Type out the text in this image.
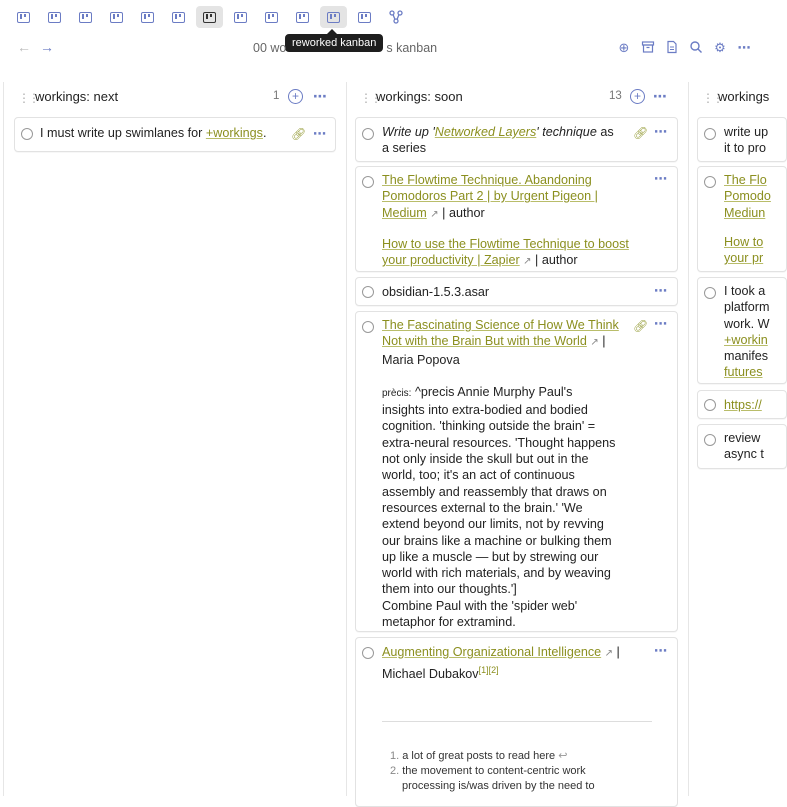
reworked kanban
← →	00 wo	s kanban	⊕	⚙ ⋯
⋮⋮
workings: next	1	+ ⋯
I must write up swimlanes for +workings.	🔗︎ ⋯
⋮⋮
workings: soon	13	+ ⋯
Write up 'Networked Layers' technique as
a series
🔗︎ ⋯
The Flowtime Technique. Abandoning
Pomodoros Part 2 | by Urgent Pigeon |
Medium ↗ | author

How to use the Flowtime Technique to boost
your productivity | Zapier ↗ | author
⋯
obsidian-1.5.3.asar	⋯
The Fascinating Science of How We Think
Not with the Brain But with the World ↗ |
Maria Popova

prècis: ^precis Annie Murphy Paul's
insights into extra-bodied and bodied
cognition. 'thinking outside the brain' =
extra-neural resources. 'Thought happens
not only inside the skull but out in the
world, too; it's an act of continuous
assembly and reassembly that draws on
resources external to the brain.' 'We
extend beyond our limits, not by revving
our brains like a machine or bulking them
up like a muscle — but by strewing our
world with rich materials, and by weaving
them into our thoughts.']
Combine Paul with the 'spider web'
metaphor for extramind.
🔗︎ ⋯
Augmenting Organizational Intelligence ↗ |
Michael Dubakov[1][2]
⋯
1. a lot of great posts to read here ↩
2. the movement to content-centric work
processing is/was driven by the need to
⋮⋮
workings
write up
it to pro
The Flo
Pomodo
Mediun

How to
your pr
I took a
platform
work. W
+workin
manifes
futures
https://
review
async t
